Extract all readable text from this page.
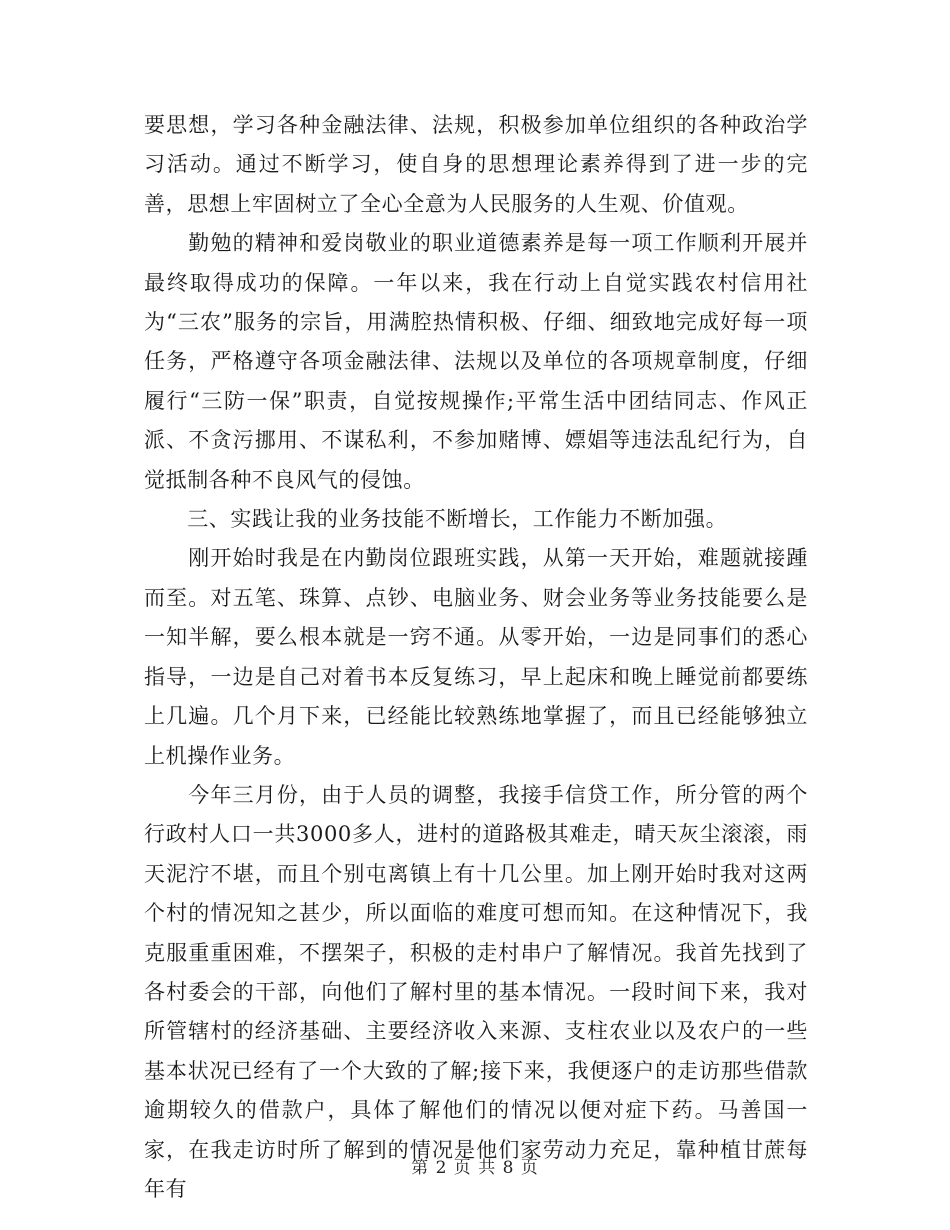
要思想，学习各种金融法律、法规，积极参加单位组织的各种政治学习活动。通过不断学习，使自身的思想理论素养得到了进一步的完善，思想上牢固树立了全心全意为人民服务的人生观、价值观。

　　勤勉的精神和爱岗敬业的职业道德素养是每一项工作顺利开展并最终取得成功的保障。一年以来，我在行动上自觉实践农村信用社为“三农”服务的宗旨，用满腔热情积极、仔细、细致地完成好每一项任务，严格遵守各项金融法律、法规以及单位的各项规章制度，仔细履行“三防一保”职责，自觉按规操作;平常生活中团结同志、作风正派、不贪污挪用、不谋私利，不参加赌博、嫖娼等违法乱纪行为，自觉抵制各种不良风气的侵蚀。

　　三、实践让我的业务技能不断增长，工作能力不断加强。

　　刚开始时我是在内勤岗位跟班实践，从第一天开始，难题就接踵而至。对五笔、珠算、点钞、电脑业务、财会业务等业务技能要么是一知半解，要么根本就是一窍不通。从零开始，一边是同事们的悉心指导，一边是自己对着书本反复练习，早上起床和晚上睡觉前都要练上几遍。几个月下来，已经能比较熟练地掌握了，而且已经能够独立上机操作业务。

　　今年三月份，由于人员的调整，我接手信贷工作，所分管的两个行政村人口一共3000多人，进村的道路极其难走，晴天灰尘滚滚，雨天泥泞不堪，而且个别屯离镇上有十几公里。加上刚开始时我对这两个村的情况知之甚少，所以面临的难度可想而知。在这种情况下，我克服重重困难，不摆架子，积极的走村串户了解情况。我首先找到了各村委会的干部，向他们了解村里的基本情况。一段时间下来，我对所管辖村的经济基础、主要经济收入来源、支柱农业以及农户的一些基本状况已经有了一个大致的了解;接下来，我便逐户的走访那些借款逾期较久的借款户，具体了解他们的情况以便对症下药。马善国一家，在我走访时所了解到的情况是他们家劳动力充足，靠种植甘蔗每年有

第 2 页 共 8 页
